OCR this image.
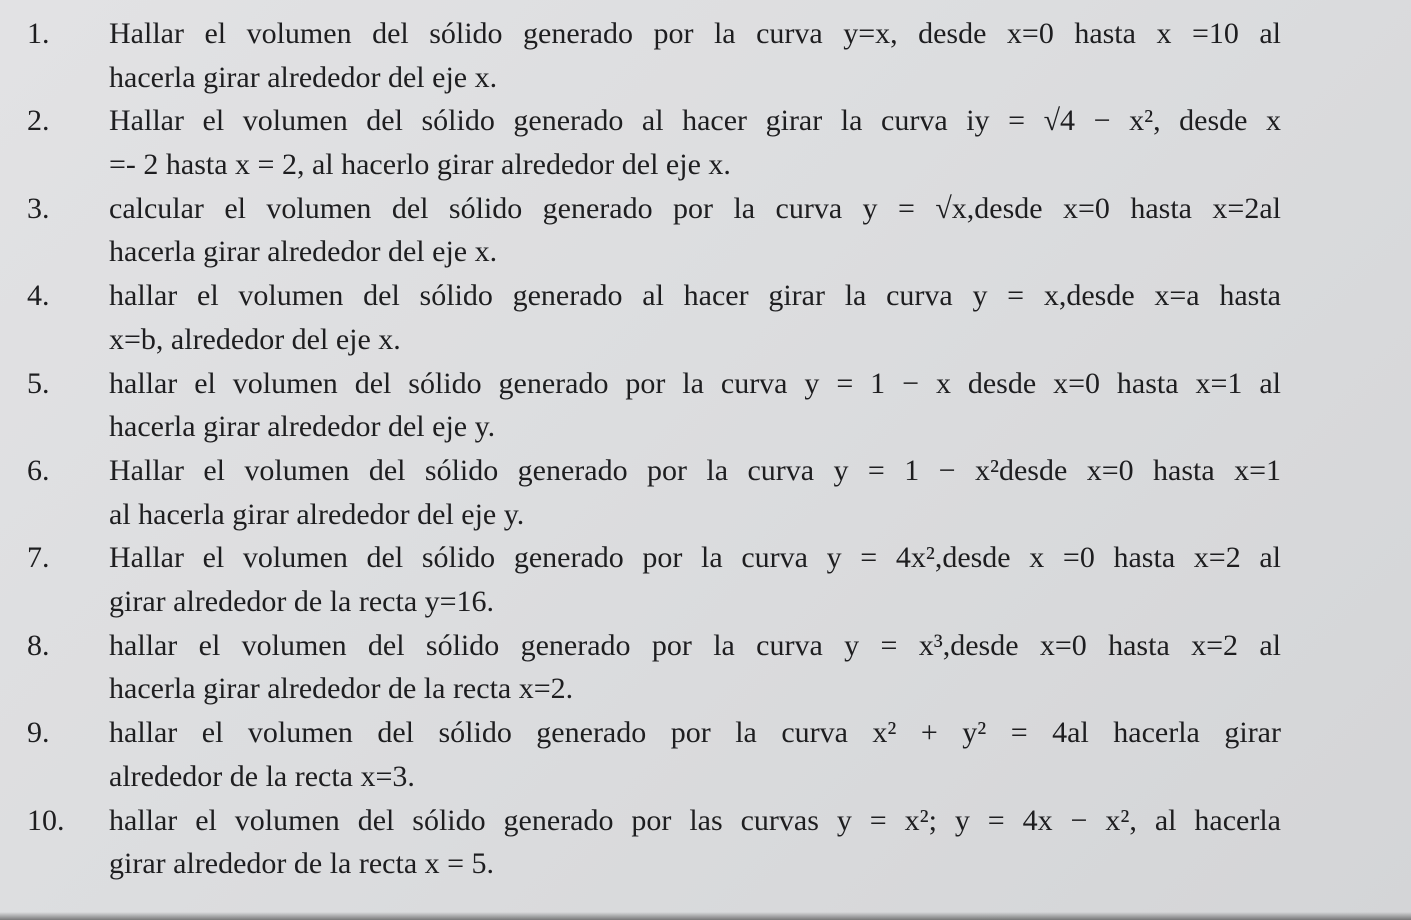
1. Hallar el volumen del sólido generado por la curva y=x, desde x=0 hasta x =10 al
hacerla girar alrededor del eje x.
2. Hallar el volumen del sólido generado al hacer girar la curva iy = √4 − x², desde x
=- 2 hasta x = 2, al hacerlo girar alrededor del eje x.
3. calcular el volumen del sólido generado por la curva y = √x,desde x=0 hasta x=2al
hacerla girar alrededor del eje x.
4. hallar el volumen del sólido generado al hacer girar la curva y = x,desde x=a hasta
x=b, alrededor del eje x.
5. hallar el volumen del sólido generado por la curva y = 1 − x desde x=0 hasta x=1 al
hacerla girar alrededor del eje y.
6. Hallar el volumen del sólido generado por la curva y = 1 − x²desde x=0 hasta x=1
al hacerla girar alrededor del eje y.
7. Hallar el volumen del sólido generado por la curva y = 4x²,desde x =0 hasta x=2 al
girar alrededor de la recta y=16.
8. hallar el volumen del sólido generado por la curva y = x³,desde x=0 hasta x=2 al
hacerla girar alrededor de la recta x=2.
9. hallar el volumen del sólido generado por la curva x² + y² = 4al hacerla girar
alrededor de la recta x=3.
10. hallar el volumen del sólido generado por las curvas y = x²; y = 4x − x², al hacerla
girar alrededor de la recta x = 5.
